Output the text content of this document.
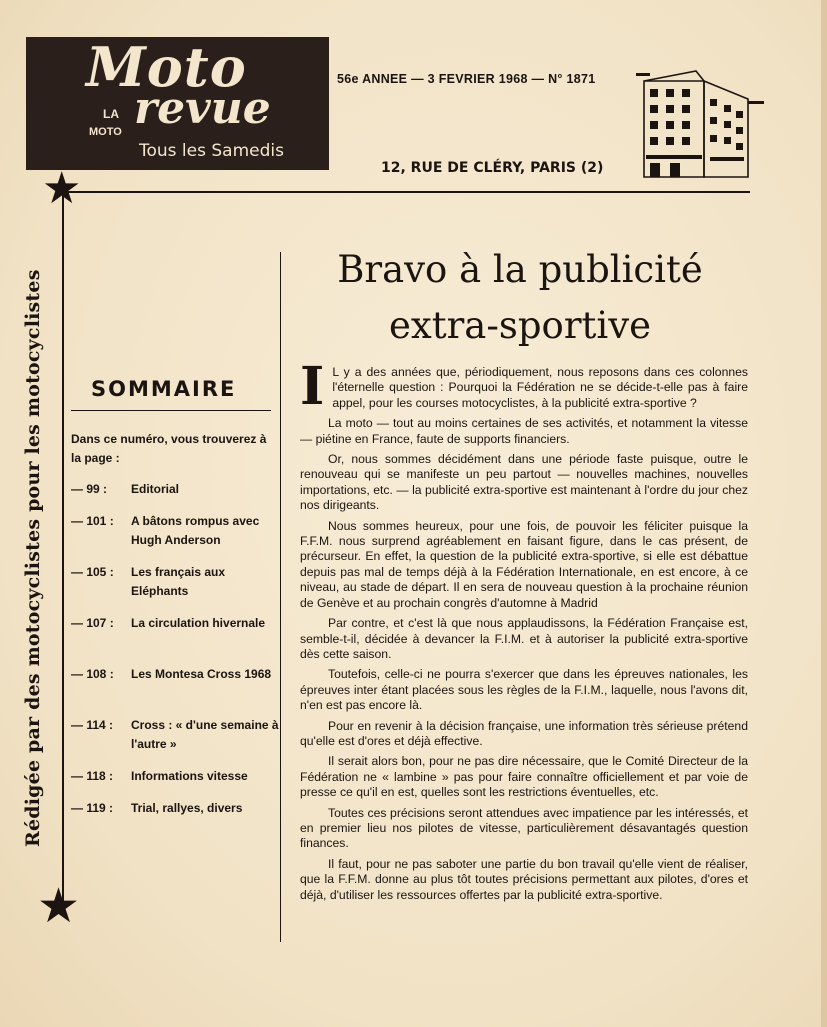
Moto
LA
MOTO revue
Tous les Samedis
56e ANNEE — 3 FEVRIER 1968 — N° 1871
12, RUE DE CLÉRY, PARIS (2)
★
★
Rédigée par des motocyclistes pour les motocyclistes SOMMAIRE
Dans ce numéro, vous trouverez à la page :
— 99 : Editorial
— 101 : A bâtons rompus avec Hugh Anderson
— 105 : Les français aux Eléphants
— 107 : La circulation hivernale
— 108 : Les Montesa Cross 1968
— 114 : Cross : « d'une semaine à l'autre »
— 118 : Informations vitesse
— 119 : Trial, rallyes, divers
Bravo à la publicité
extra-sportive

I L y a des années que, périodiquement, nous reposons dans ces colonnes l'éternelle question : Pourquoi la Fédération ne se décide-t-elle pas à faire appel, pour les courses motocyclistes, à la publicité extra-sportive ?

La moto — tout au moins certaines de ses activités, et notamment la vitesse — piétine en France, faute de supports financiers.

Or, nous sommes décidément dans une période faste puisque, outre le renouveau qui se manifeste un peu partout — nouvelles machines, nouvelles importations, etc. — la publicité extra-sportive est maintenant à l'ordre du jour chez nos dirigeants.

Nous sommes heureux, pour une fois, de pouvoir les féliciter puisque la F.F.M. nous surprend agréablement en faisant figure, dans le cas présent, de précurseur. En effet, la question de la publicité extra-sportive, si elle est débattue depuis pas mal de temps déjà à la Fédération Internationale, en est encore, à ce niveau, au stade de départ. Il en sera de nouveau question à la prochaine réunion de Genève et au prochain congrès d'automne à Madrid

Par contre, et c'est là que nous applaudissons, la Fédération Française est, semble-t-il, décidée à devancer la F.I.M. et à autoriser la publicité extra-sportive dès cette saison.

Toutefois, celle-ci ne pourra s'exercer que dans les épreuves nationales, les épreuves inter étant placées sous les règles de la F.I.M., laquelle, nous l'avons dit, n'en est pas encore là.

Pour en revenir à la décision française, une information très sérieuse prétend qu'elle est d'ores et déjà effective.

Il serait alors bon, pour ne pas dire nécessaire, que le Comité Directeur de la Fédération ne « lambine » pas pour faire connaître officiellement et par voie de presse ce qu'il en est, quelles sont les restrictions éventuelles, etc.

Toutes ces précisions seront attendues avec impatience par les intéressés, et en premier lieu nos pilotes de vitesse, particulièrement désavantagés question finances.

Il faut, pour ne pas saboter une partie du bon travail qu'elle vient de réaliser, que la F.F.M. donne au plus tôt toutes précisions permettant aux pilotes, d'ores et déjà, d'utiliser les ressources offertes par la publicité extra-sportive.
